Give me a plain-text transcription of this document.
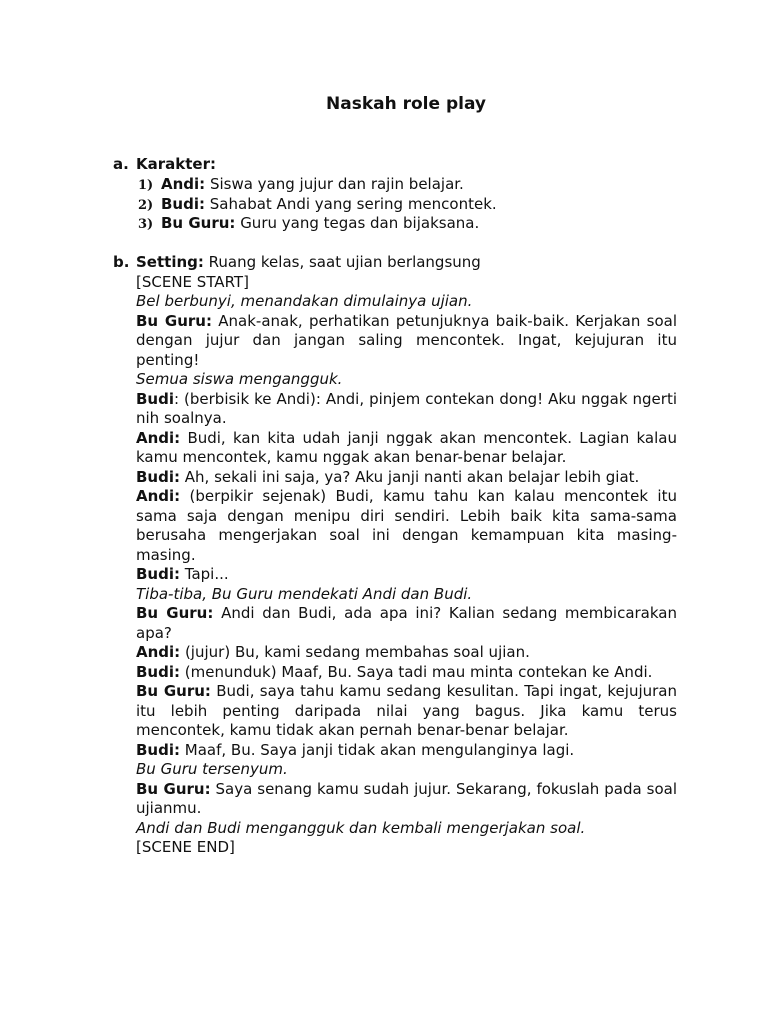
Naskah role play
a. Karakter:
1) Andi: Siswa yang jujur dan rajin belajar.
2) Budi: Sahabat Andi yang sering mencontek.
3) Bu Guru: Guru yang tegas dan bijaksana.
b. Setting: Ruang kelas, saat ujian berlangsung

[SCENE START]

Bel berbunyi, menandakan dimulainya ujian.

Bu Guru: Anak-anak, perhatikan petunjuknya baik-baik. Kerjakan soal dengan jujur dan jangan saling mencontek. Ingat, kejujuran itu penting!

Semua siswa mengangguk.

Budi: (berbisik ke Andi): Andi, pinjem contekan dong! Aku nggak ngerti nih soalnya.

Andi: Budi, kan kita udah janji nggak akan mencontek. Lagian kalau kamu mencontek, kamu nggak akan benar-benar belajar.

Budi: Ah, sekali ini saja, ya? Aku janji nanti akan belajar lebih giat.

Andi: (berpikir sejenak) Budi, kamu tahu kan kalau mencontek itu sama saja dengan menipu diri sendiri. Lebih baik kita sama-sama berusaha mengerjakan soal ini dengan kemampuan kita masing-masing.

Budi: Tapi...

Tiba-tiba, Bu Guru mendekati Andi dan Budi.

Bu Guru: Andi dan Budi, ada apa ini? Kalian sedang membicarakan apa?

Andi: (jujur) Bu, kami sedang membahas soal ujian.

Budi: (menunduk) Maaf, Bu. Saya tadi mau minta contekan ke Andi.

Bu Guru: Budi, saya tahu kamu sedang kesulitan. Tapi ingat, kejujuran itu lebih penting daripada nilai yang bagus. Jika kamu terus mencontek, kamu tidak akan pernah benar-benar belajar.

Budi: Maaf, Bu. Saya janji tidak akan mengulanginya lagi.

Bu Guru tersenyum.

Bu Guru: Saya senang kamu sudah jujur. Sekarang, fokuslah pada soal ujianmu.

Andi dan Budi mengangguk dan kembali mengerjakan soal.

[SCENE END]
